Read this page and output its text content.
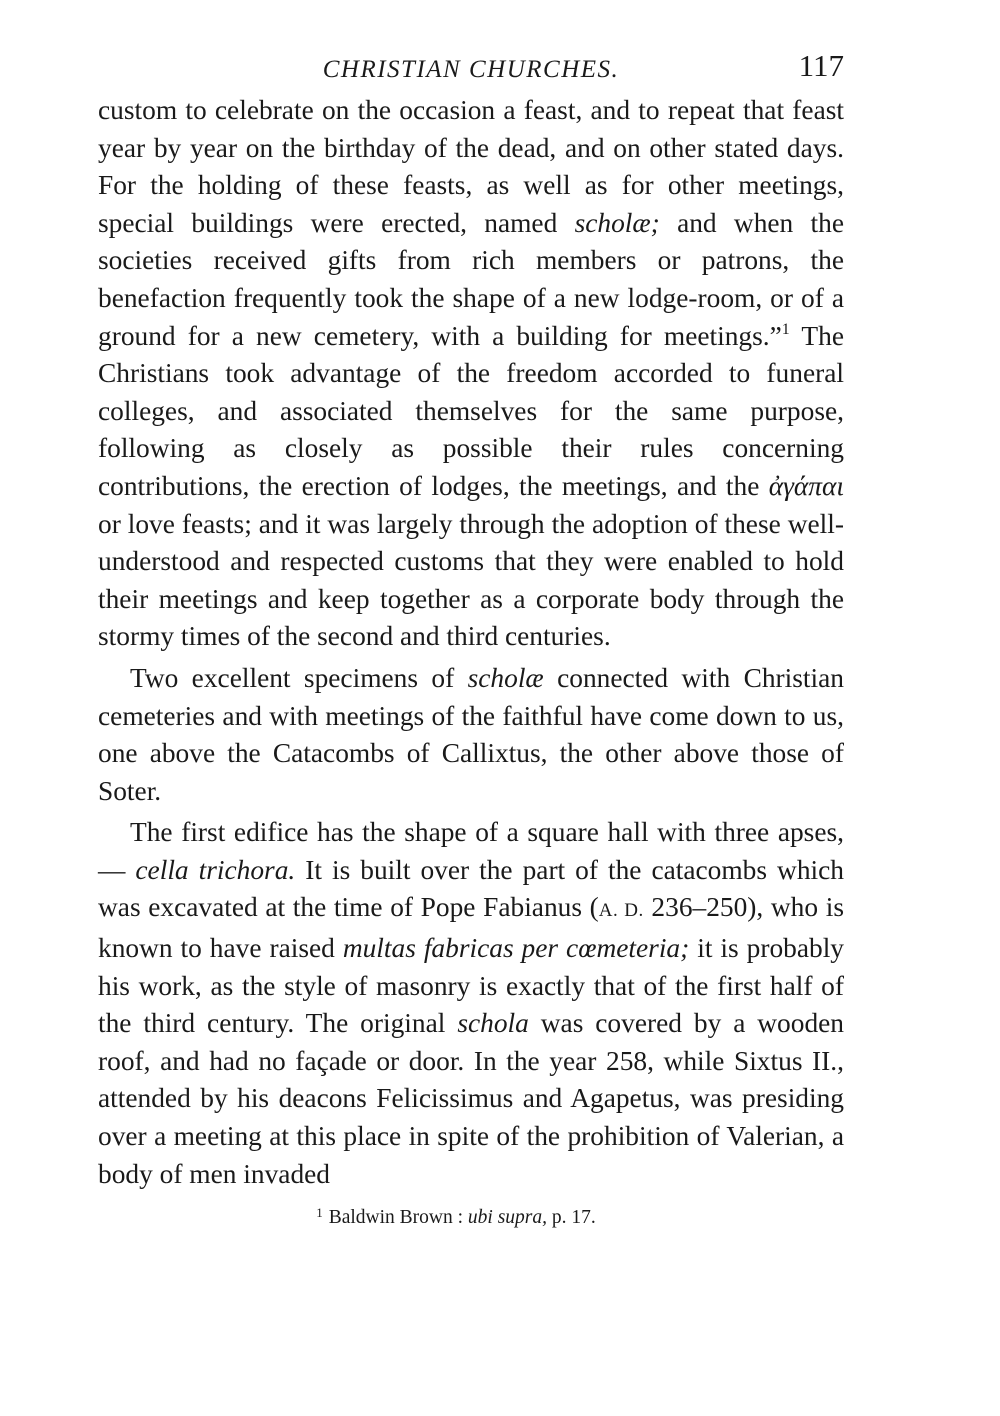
CHRISTIAN CHURCHES.	117

custom to celebrate on the occasion a feast, and to repeat that feast year by year on the birthday of the dead, and on other stated days. For the holding of these feasts, as well as for other meetings, special buildings were erected, named scholæ; and when the societies received gifts from rich members or patrons, the benefaction frequently took the shape of a new lodge-room, or of a ground for a new cemetery, with a building for meetings.”$^1$ The Christians took advantage of the freedom accorded to funeral colleges, and associated themselves for the same purpose, following as closely as possible their rules concerning contributions, the erection of lodges, the meetings, and the ἀγάπαι or love feasts; and it was largely through the adoption of these well-understood and respected customs that they were enabled to hold their meetings and keep together as a corporate body through the stormy times of the second and third centuries.

Two excellent specimens of scholæ connected with Christian cemeteries and with meetings of the faithful have come down to us, one above the Catacombs of Callixtus, the other above those of Soter.

The first edifice has the shape of a square hall with three apses, — cella trichora. It is built over the part of the catacombs which was excavated at the time of Pope Fabianus (A. D. 236–250), who is known to have raised multas fabricas per cœmeteria; it is probably his work, as the style of masonry is exactly that of the first half of the third century. The original schola was covered by a wooden roof, and had no façade or door. In the year 258, while Sixtus II., attended by his deacons Felicissimus and Agapetus, was presiding over a meeting at this place in spite of the prohibition of Valerian, a body of men invaded

$^1$ Baldwin Brown : ubi supra, p. 17.
